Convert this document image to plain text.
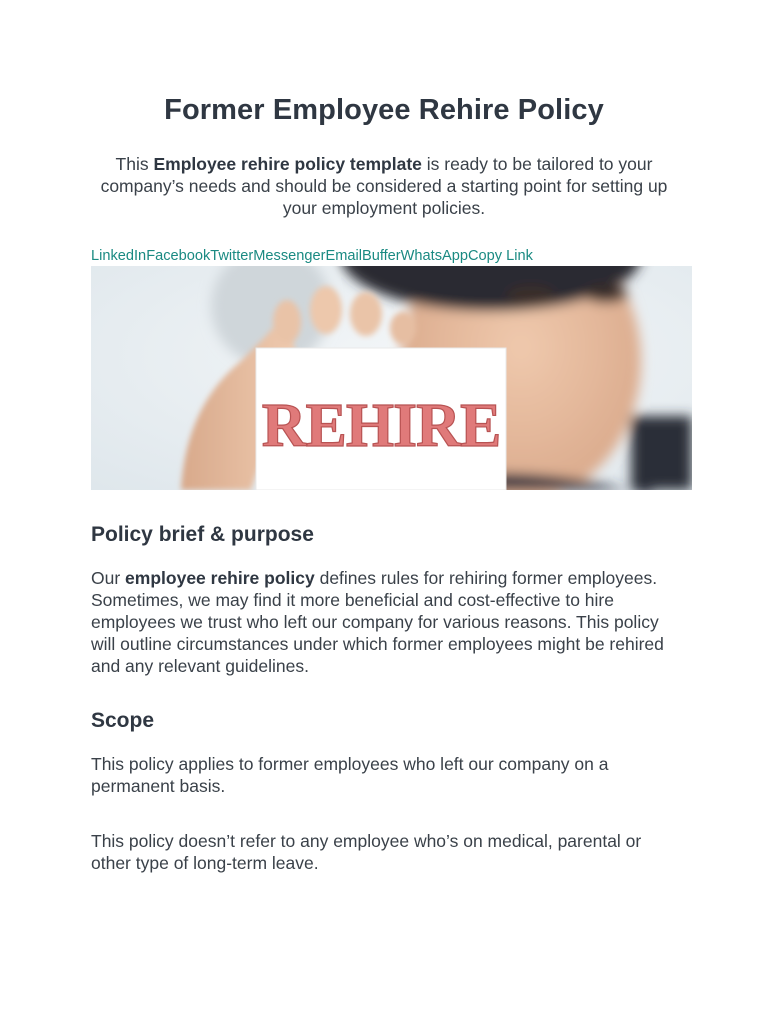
Former Employee Rehire Policy

This Employee rehire policy template is ready to be tailored to your company’s needs and should be considered a starting point for setting up your employment policies.

LinkedInFacebookTwitterMessengerEmailBufferWhatsAppCopy Link

REHIRE
Policy brief & purpose

Our employee rehire policy defines rules for rehiring former employees. Sometimes, we may find it more beneficial and cost-effective to hire employees we trust who left our company for various reasons. This policy will outline circumstances under which former employees might be rehired and any relevant guidelines.

Scope

This policy applies to former employees who left our company on a permanent basis.

This policy doesn’t refer to any employee who’s on medical, parental or other type of long-term leave.
